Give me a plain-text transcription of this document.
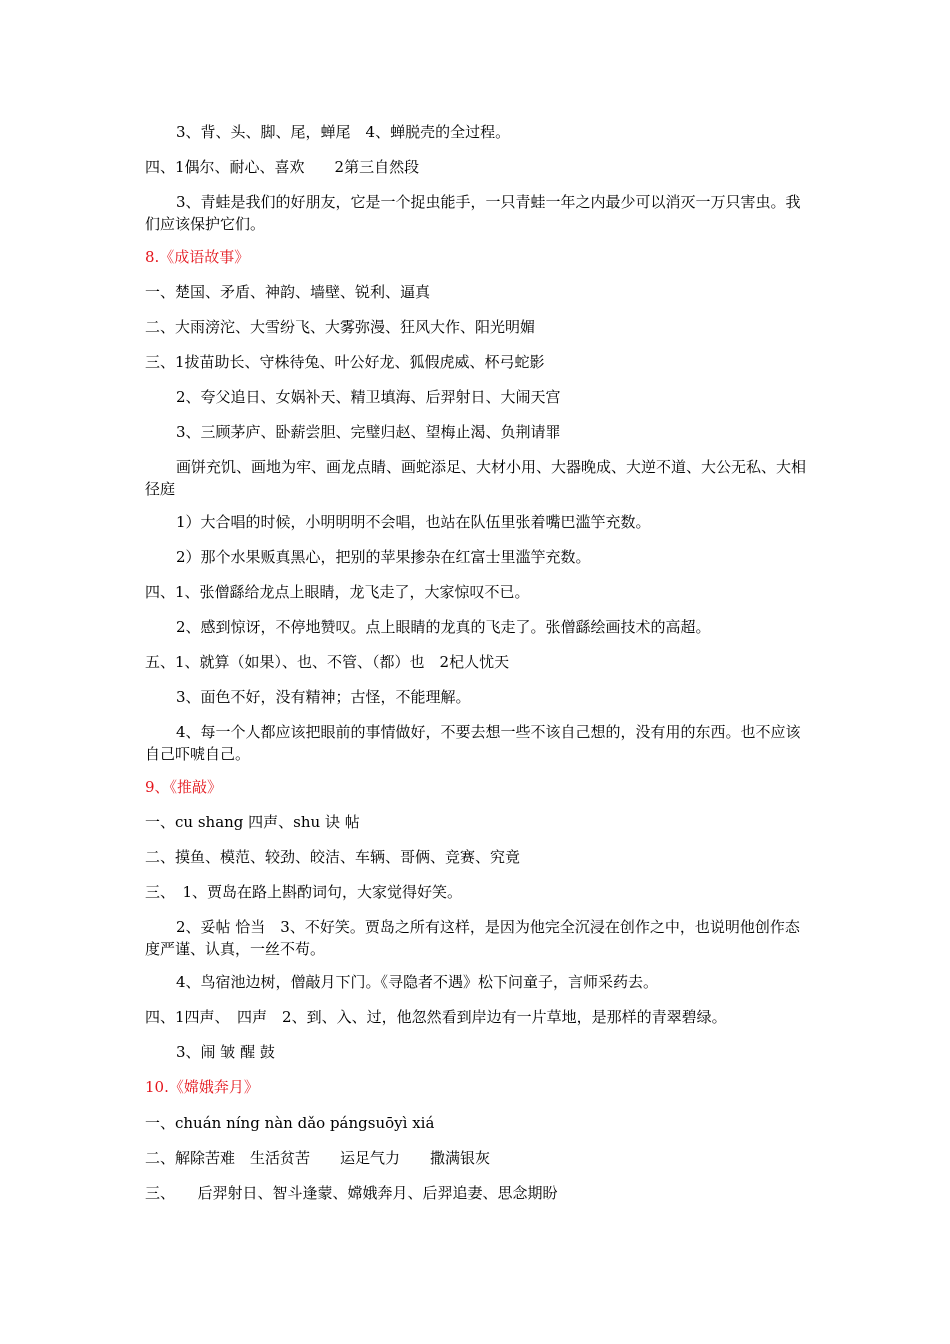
3、背、头、脚、尾，蝉尾　4、蝉脱壳的全过程。

四、1偶尔、耐心、喜欢　　2第三自然段

3、青蛙是我们的好朋友，它是一个捉虫能手，一只青蛙一年之内最少可以消灭一万只害虫。我们应该保护它们。

8.《成语故事》

一、楚国、矛盾、神韵、墙壁、锐利、逼真

二、大雨滂沱、大雪纷飞、大雾弥漫、狂风大作、阳光明媚

三、1拔苗助长、守株待兔、叶公好龙、狐假虎威、杯弓蛇影

2、夸父追日、女娲补天、精卫填海、后羿射日、大闹天宫

3、三顾茅庐、卧薪尝胆、完璧归赵、望梅止渴、负荆请罪

画饼充饥、画地为牢、画龙点睛、画蛇添足、大材小用、大器晚成、大逆不道、大公无私、大相径庭

1）大合唱的时候，小明明明不会唱，也站在队伍里张着嘴巴滥竽充数。

2）那个水果贩真黑心，把别的苹果掺杂在红富士里滥竽充数。

四、1、张僧繇给龙点上眼睛，龙飞走了，大家惊叹不已。

2、感到惊讶，不停地赞叹。点上眼睛的龙真的飞走了。张僧繇绘画技术的高超。

五、1、就算（如果）、也、不管、（都）也　2杞人忧天

3、面色不好，没有精神；古怪，不能理解。

4、每一个人都应该把眼前的事情做好，不要去想一些不该自己想的，没有用的东西。也不应该自己吓唬自己。

9、《推敲》

一、cu shang 四声、shu 诀 帖

二、摸鱼、模范、较劲、皎洁、车辆、哥俩、竞赛、究竟

三、　1、贾岛在路上斟酌词句，大家觉得好笑。

2、妥帖 恰当　3、不好笑。贾岛之所有这样，是因为他完全沉浸在创作之中，也说明他创作态度严谨、认真，一丝不苟。

4、鸟宿池边树，僧敲月下门。《寻隐者不遇》松下问童子，言师采药去。

四、1四声、　四声　2、到、入、过，他忽然看到岸边有一片草地，是那样的青翠碧绿。

3、闹 皱 醒 鼓

10.《嫦娥奔月》

一、chuán níng nàn dǎo pángsuōyì xiá

二、解除苦难　生活贫苦　　运足气力　　撒满银灰

三、　　后羿射日、智斗逢蒙、嫦娥奔月、后羿追妻、思念期盼
